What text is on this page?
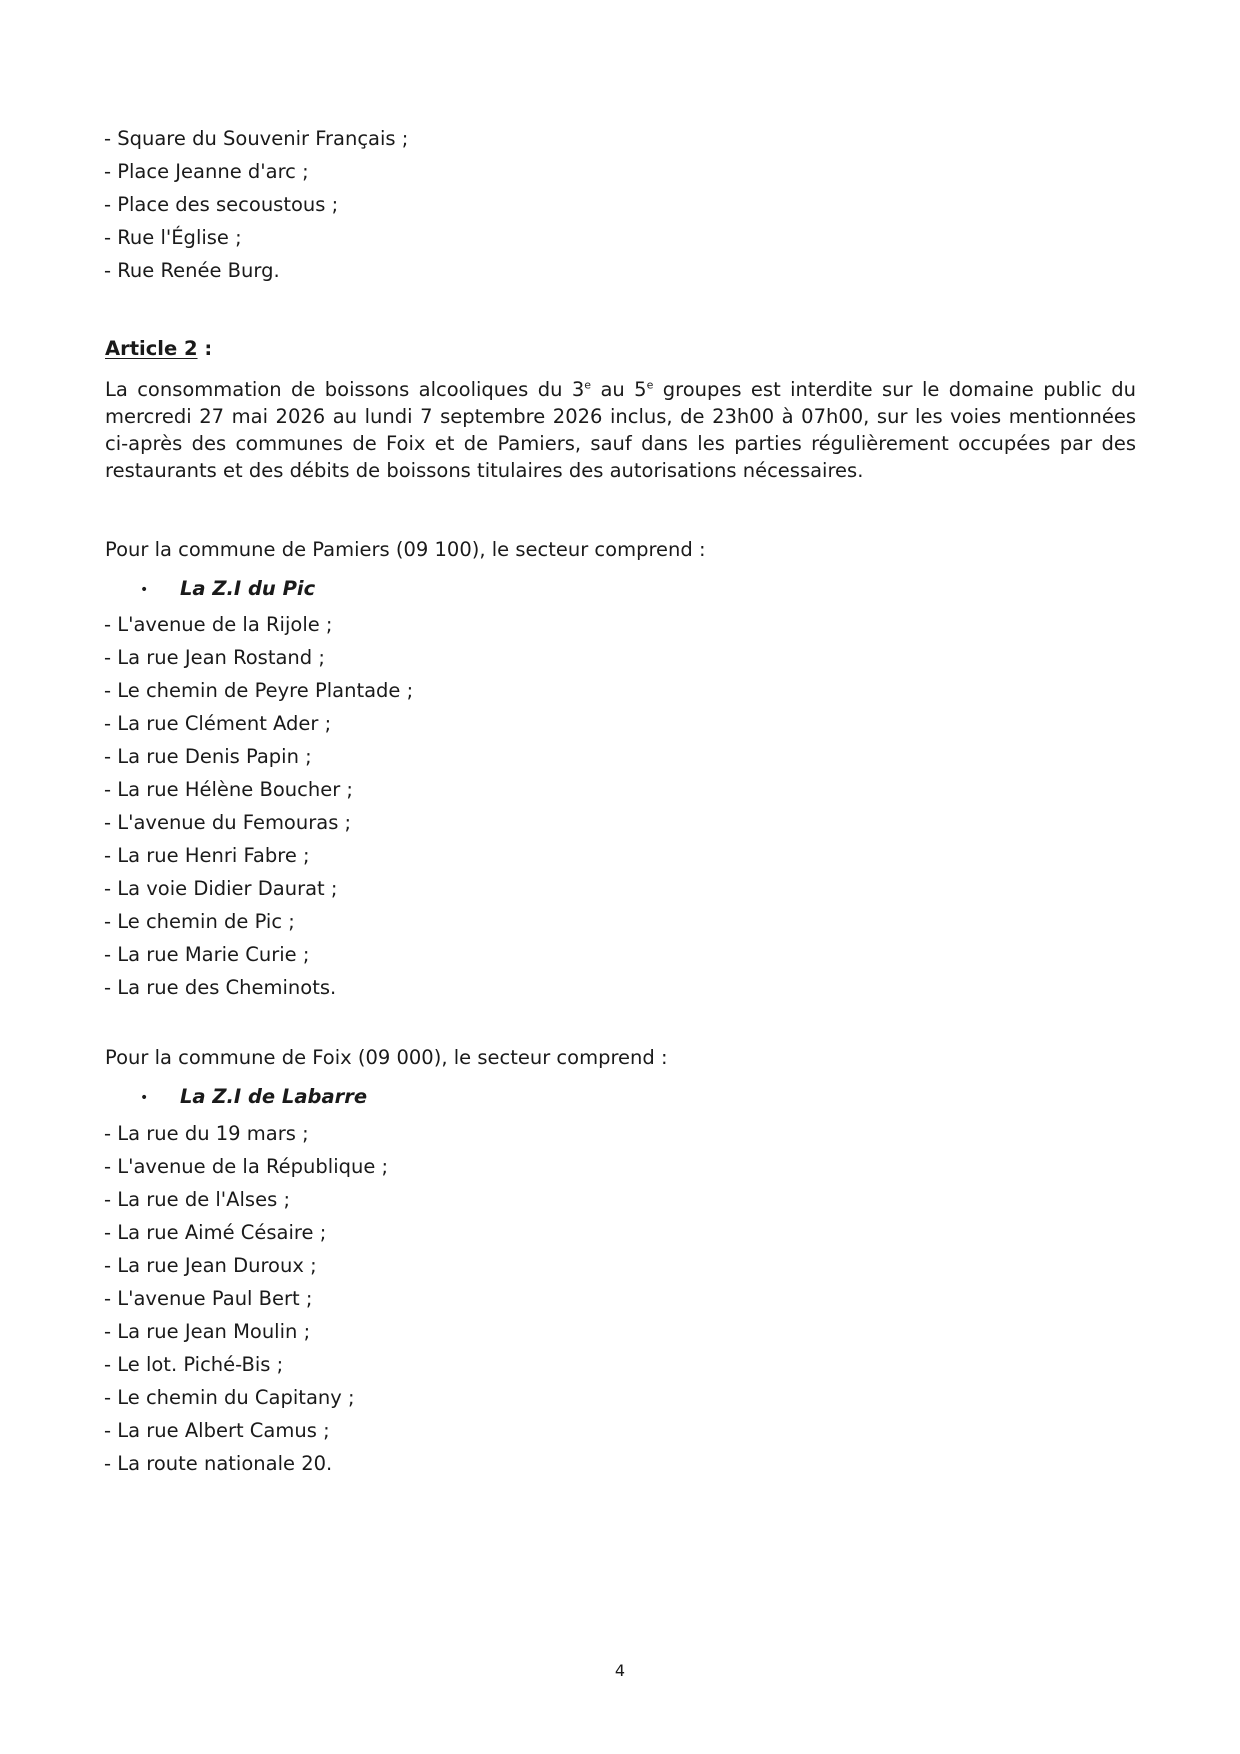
- Square du Souvenir Français ;
- Place Jeanne d'arc ;
- Place des secoustous ;
- Rue l'Église ;
- Rue Renée Burg.
Article 2 :
La consommation de boissons alcooliques du 3e au 5e groupes est interdite sur le domaine public du mercredi 27 mai 2026 au lundi 7 septembre 2026 inclus, de 23h00 à 07h00, sur les voies mentionnées ci-après des communes de Foix et de Pamiers, sauf dans les parties régulièrement occupées par des restaurants et des débits de boissons titulaires des autorisations nécessaires.
Pour la commune de Pamiers (09 100), le secteur comprend :
• La Z.I du Pic
- L'avenue de la Rijole ;
- La rue Jean Rostand ;
- Le chemin de Peyre Plantade ;
- La rue Clément Ader ;
- La rue Denis Papin ;
- La rue Hélène Boucher ;
- L'avenue du Femouras ;
- La rue Henri Fabre ;
- La voie Didier Daurat ;
- Le chemin de Pic ;
- La rue Marie Curie ;
- La rue des Cheminots.
Pour la commune de Foix (09 000), le secteur comprend :
• La Z.I de Labarre
- La rue du 19 mars ;
- L'avenue de la République ;
- La rue de l'Alses ;
- La rue Aimé Césaire ;
- La rue Jean Duroux ;
- L'avenue Paul Bert ;
- La rue Jean Moulin ;
- Le lot. Piché-Bis ;
- Le chemin du Capitany ;
- La rue Albert Camus ;
- La route nationale 20.
4
